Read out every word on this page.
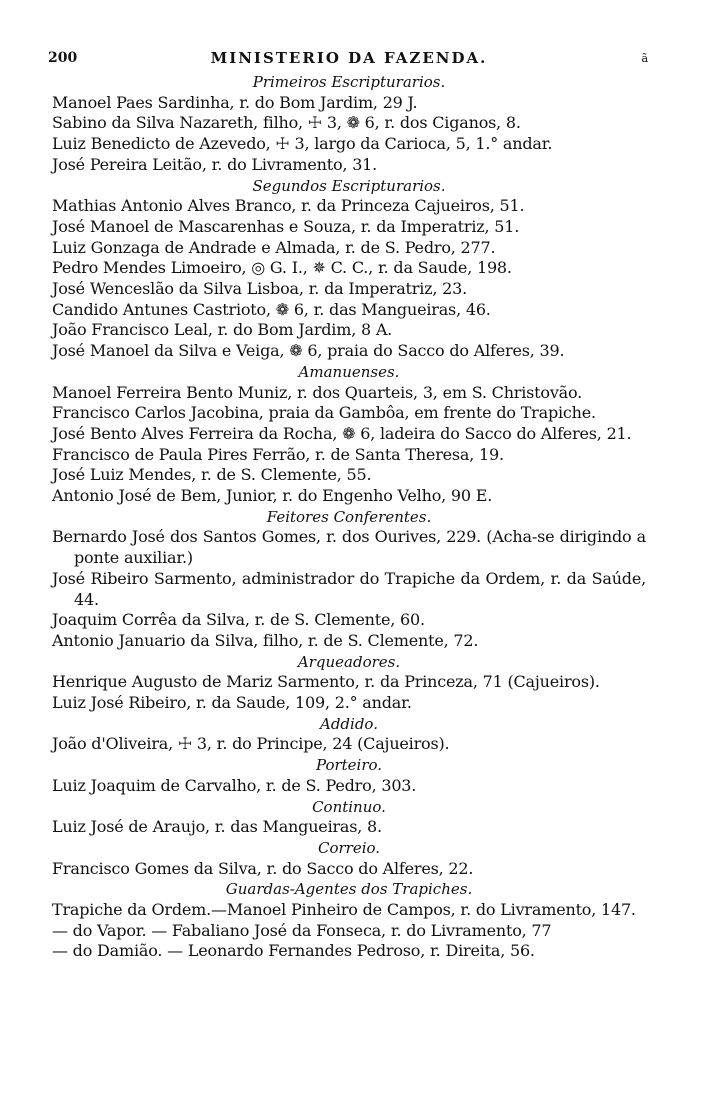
200	MINISTERIO DA FAZENDA.	ã
Primeiros Escripturarios.
Manoel Paes Sardinha, r. do Bom Jardim, 29 J.
Sabino da Silva Nazareth, filho, ☩ 3, ❁ 6, r. dos Ciganos, 8.
Luiz Benedicto de Azevedo, ☩ 3, largo da Carioca, 5, 1.° andar.
José Pereira Leitão, r. do Livramento, 31.
Segundos Escripturarios.
Mathias Antonio Alves Branco, r. da Princeza Cajueiros, 51.
José Manoel de Mascarenhas e Souza, r. da Imperatriz, 51.
Luiz Gonzaga de Andrade e Almada, r. de S. Pedro, 277.
Pedro Mendes Limoeiro, ◎ G. I., ✵ C. C., r. da Saude, 198.
José Wenceslão da Silva Lisboa, r. da Imperatriz, 23.
Candido Antunes Castrioto, ❁ 6, r. das Mangueiras, 46.
João Francisco Leal, r. do Bom Jardim, 8 A.
José Manoel da Silva e Veiga, ❁ 6, praia do Sacco do Alferes, 39.
Amanuenses.
Manoel Ferreira Bento Muniz, r. dos Quarteis, 3, em S. Christovão.
Francisco Carlos Jacobina, praia da Gambôa, em frente do Trapiche.
José Bento Alves Ferreira da Rocha, ❁ 6, ladeira do Sacco do Alferes, 21.
Francisco de Paula Pires Ferrão, r. de Santa Theresa, 19.
José Luiz Mendes, r. de S. Clemente, 55.
Antonio José de Bem, Junior, r. do Engenho Velho, 90 E.
Feitores Conferentes.
Bernardo José dos Santos Gomes, r. dos Ourives, 229. (Acha-se dirigindo a ponte auxiliar.)
José Ribeiro Sarmento, administrador do Trapiche da Ordem, r. da Saúde, 44.
Joaquim Corrêa da Silva, r. de S. Clemente, 60.
Antonio Januario da Silva, filho, r. de S. Clemente, 72.
Arqueadores.
Henrique Augusto de Mariz Sarmento, r. da Princeza, 71 (Cajueiros).
Luiz José Ribeiro, r. da Saude, 109, 2.° andar.
Addido.
João d'Oliveira, ☩ 3, r. do Principe, 24 (Cajueiros).
Porteiro.
Luiz Joaquim de Carvalho, r. de S. Pedro, 303.
Continuo.
Luiz José de Araujo, r. das Mangueiras, 8.
Correio.
Francisco Gomes da Silva, r. do Sacco do Alferes, 22.
Guardas-Agentes dos Trapiches.
Trapiche da Ordem.—Manoel Pinheiro de Campos, r. do Livramento, 147.
— do Vapor. — Fabaliano José da Fonseca, r. do Livramento, 77
— do Damião. — Leonardo Fernandes Pedroso, r. Direita, 56.
